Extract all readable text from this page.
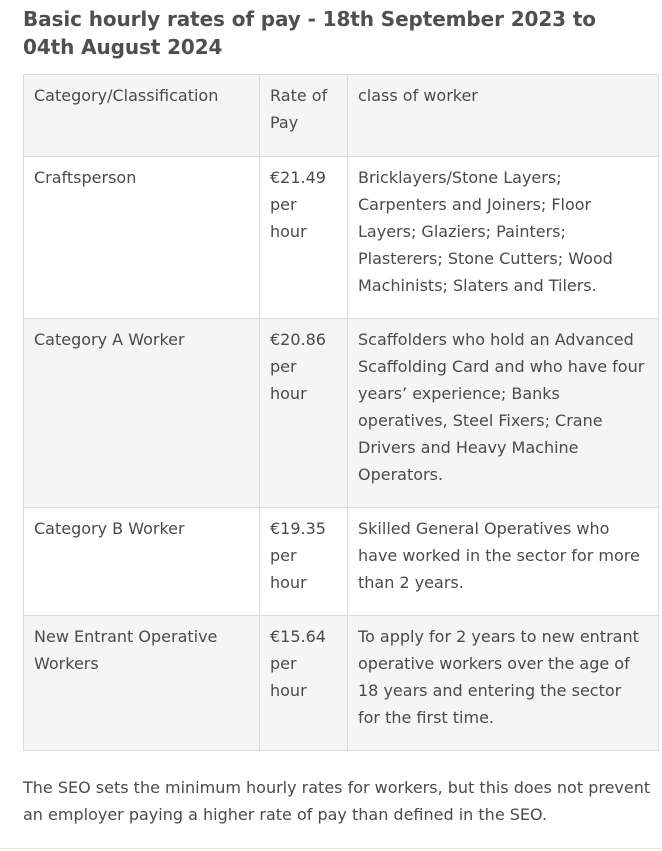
Basic hourly rates of pay - 18th September 2023 to
04th August 2024
Category/Classification	Rate of Pay	class of worker
Craftsperson	€21.49 per hour	Bricklayers/Stone Layers; Carpenters and Joiners; Floor Layers; Glaziers; Painters; Plasterers; Stone Cutters; Wood Machinists; Slaters and Tilers.
Category A Worker	€20.86 per hour	Scaffolders who hold an Advanced Scaffolding Card and who have four years’ experience; Banks operatives, Steel Fixers; Crane Drivers and Heavy Machine Operators.
Category B Worker	€19.35 per hour	Skilled General Operatives who have worked in the sector for more than 2 years.
New Entrant Operative Workers	€15.64 per hour	To apply for 2 years to new entrant operative workers over the age of 18 years and entering the sector for the first time.

The SEO sets the minimum hourly rates for workers, but this does not prevent an employer paying a higher rate of pay than defined in the SEO.
